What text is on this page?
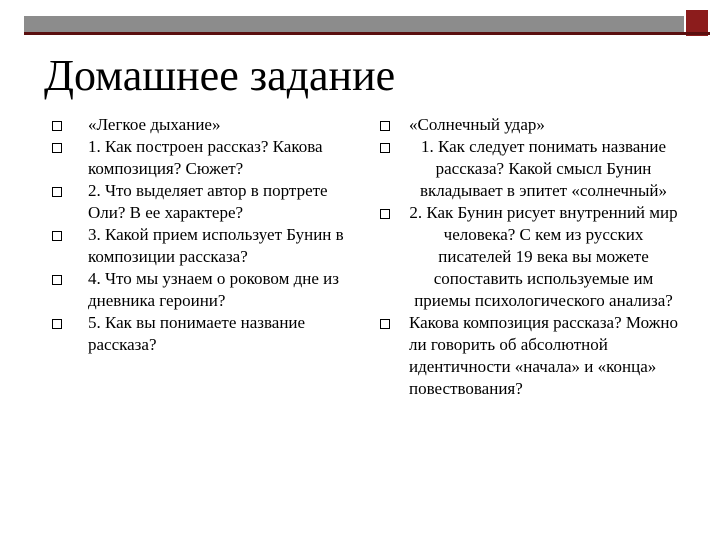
Домашнее задание
«Легкое дыхание»
1. Как построен рассказ? Какова композиция? Сюжет?
2. Что выделяет автор в портрете Оли? В ее характере?
3. Какой прием использует Бунин в композиции рассказа?
4. Что мы узнаем о роковом дне из дневника героини?
5. Как вы понимаете название рассказа?
«Солнечный удар»
1. Как следует понимать название рассказа? Какой смысл Бунин вкладывает в эпитет «солнечный»
2. Как Бунин рисует внутренний мир человека? С кем из русских писателей 19 века вы можете сопоставить используемые им приемы психологического анализа?
Какова композиция рассказа? Можно ли говорить об абсолютной идентичности «начала» и «конца» повествования?
